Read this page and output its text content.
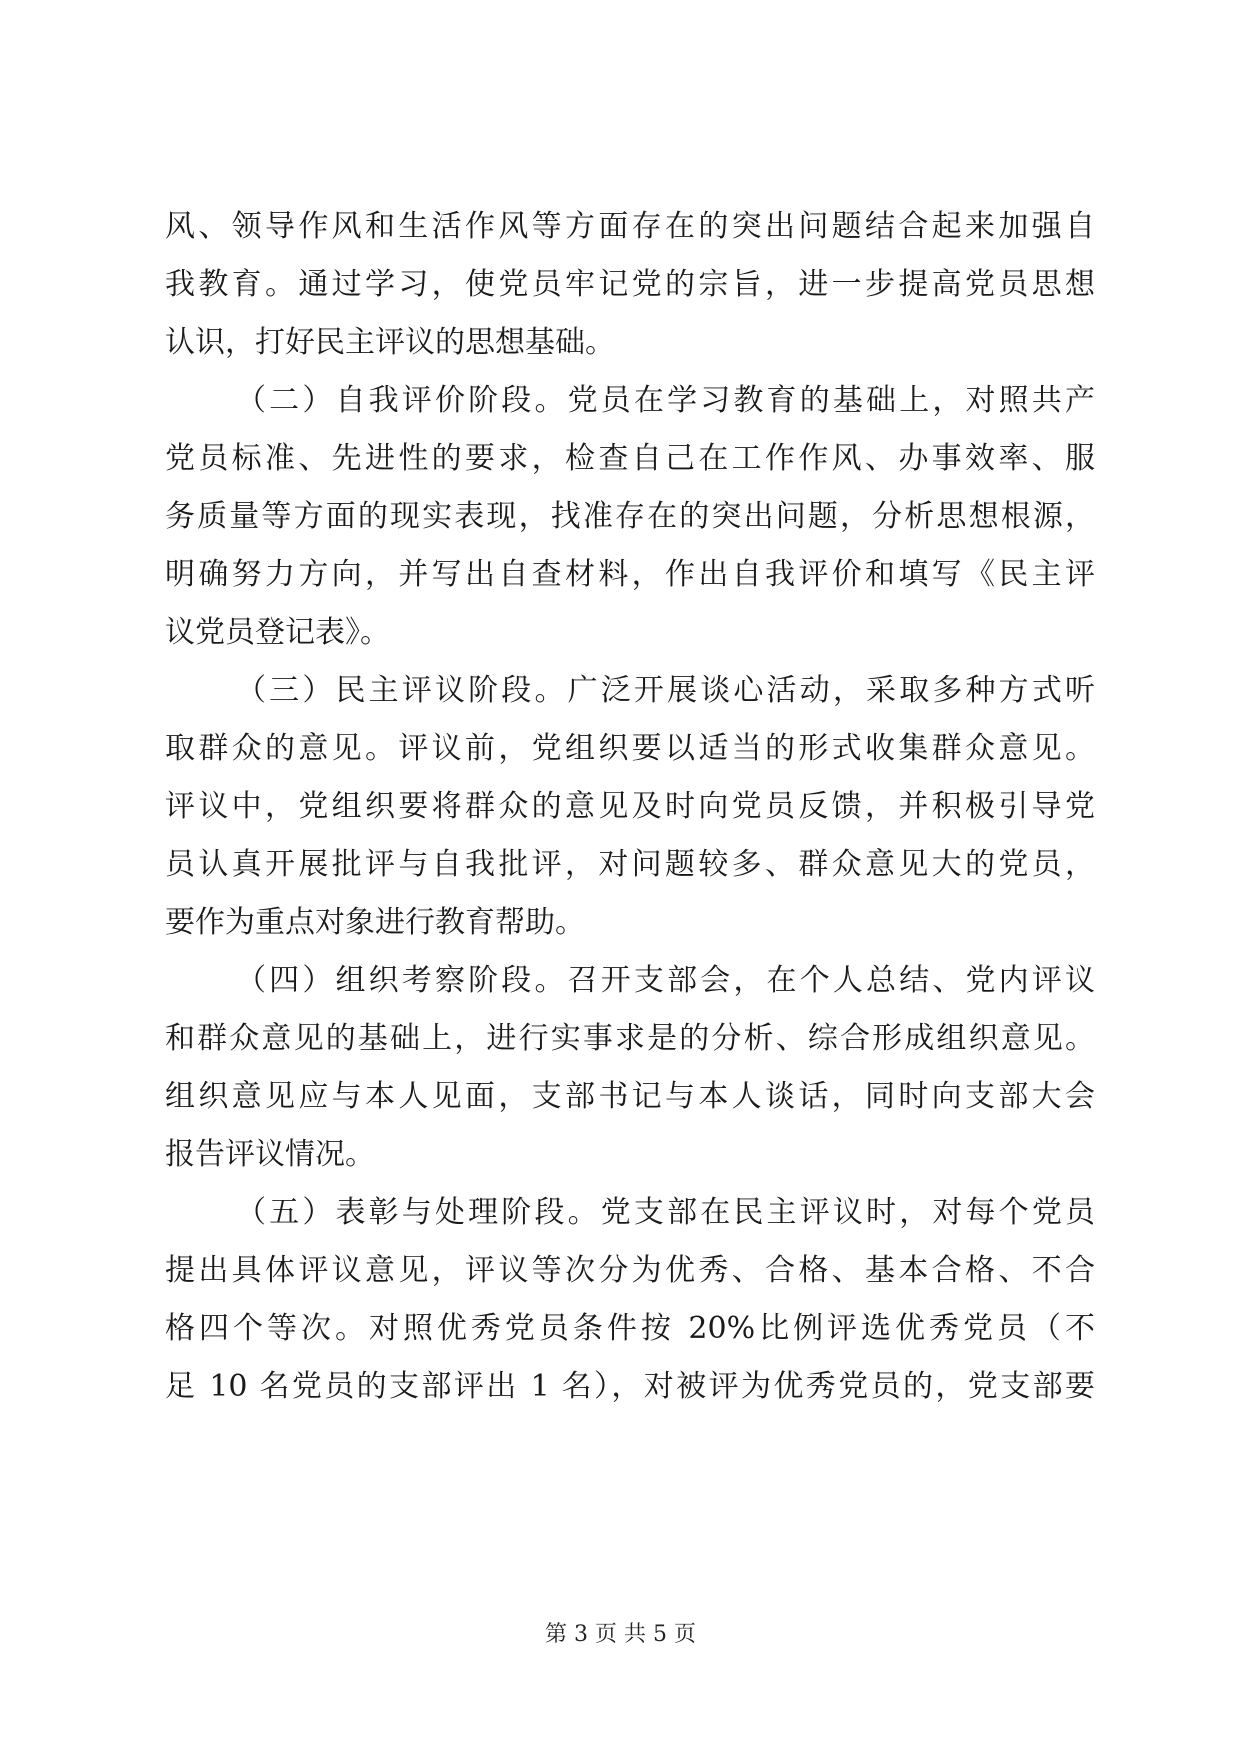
风、领导作风和生活作风等方面存在的突出问题结合起来加强自
我教育。通过学习，使党员牢记党的宗旨，进一步提高党员思想
认识，打好民主评议的思想基础。
（二）自我评价阶段。党员在学习教育的基础上，对照共产
党员标准、先进性的要求，检查自己在工作作风、办事效率、服
务质量等方面的现实表现，找准存在的突出问题，分析思想根源，
明确努力方向，并写出自查材料，作出自我评价和填写《民主评
议党员登记表》。
（三）民主评议阶段。广泛开展谈心活动，采取多种方式听
取群众的意见。评议前，党组织要以适当的形式收集群众意见。
评议中，党组织要将群众的意见及时向党员反馈，并积极引导党
员认真开展批评与自我批评，对问题较多、群众意见大的党员，
要作为重点对象进行教育帮助。
（四）组织考察阶段。召开支部会，在个人总结、党内评议
和群众意见的基础上，进行实事求是的分析、综合形成组织意见。
组织意见应与本人见面，支部书记与本人谈话，同时向支部大会
报告评议情况。
（五）表彰与处理阶段。党支部在民主评议时，对每个党员
提出具体评议意见，评议等次分为优秀、合格、基本合格、不合
格四个等次。对照优秀党员条件按 20%比例评选优秀党员（不
足 10 名党员的支部评出 1 名），对被评为优秀党员的，党支部要
第 3 页 共 5 页
